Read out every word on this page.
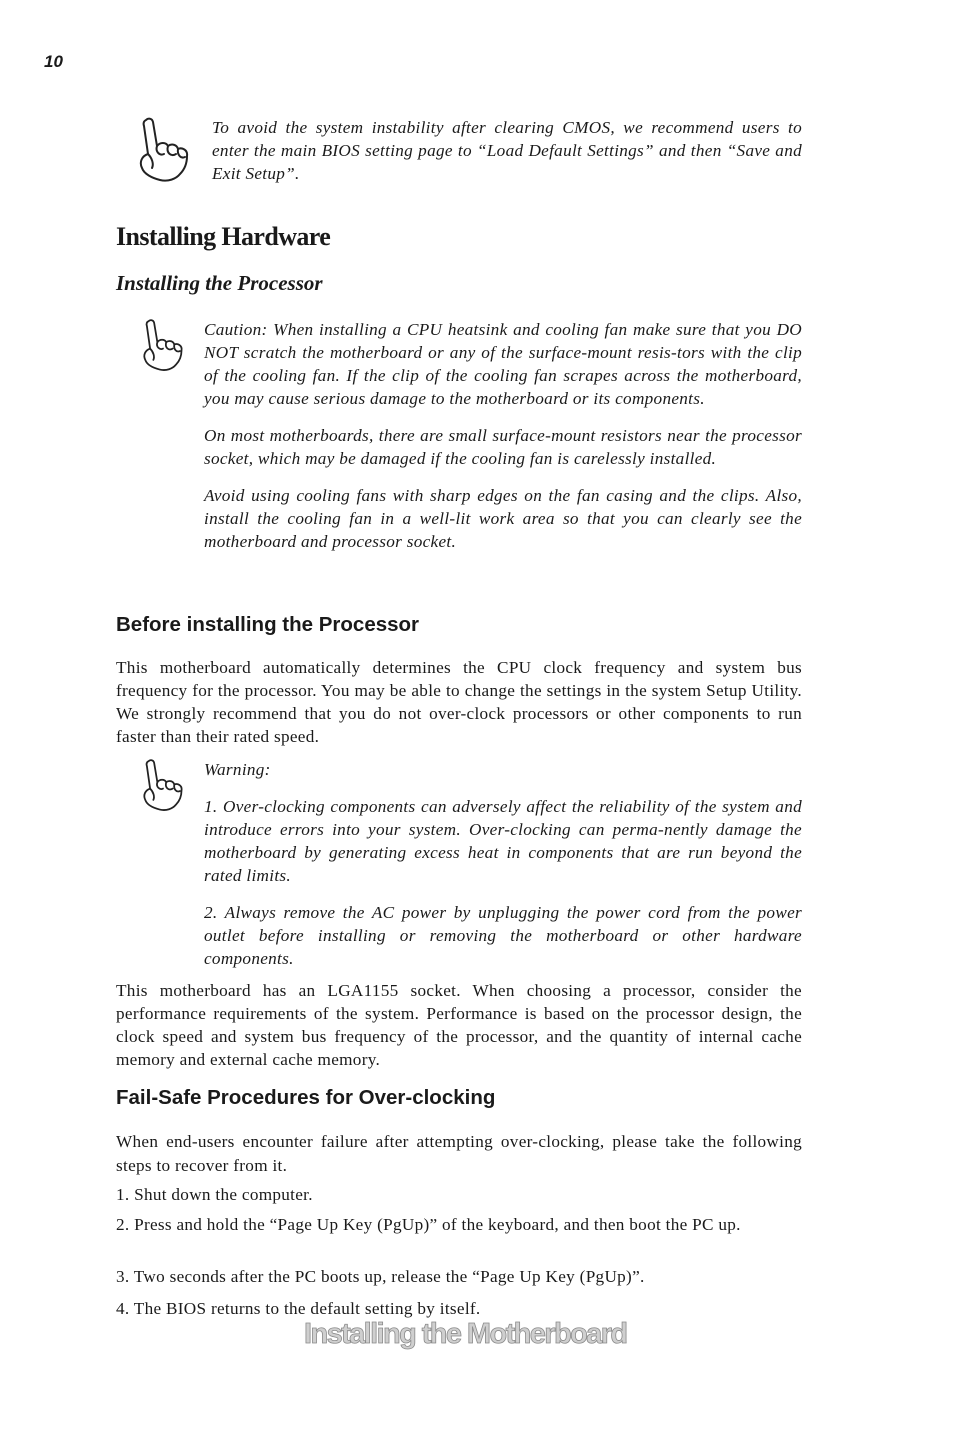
10

To avoid the system instability after clearing CMOS, we recommend users to enter the main BIOS setting page to “Load Default Settings” and then “Save and Exit Setup”.

Installing Hardware
Installing the Processor

Caution: When installing a CPU heatsink and cooling fan make sure that you DO NOT scratch the motherboard or any of the surface-mount resis-tors with the clip of the cooling fan. If the clip of the cooling fan scrapes across the motherboard, you may cause serious damage to the motherboard or its components.

On most motherboards, there are small surface-mount resistors near the processor socket, which may be damaged if the cooling fan is carelessly installed.

Avoid using cooling fans with sharp edges on the fan casing and the clips. Also, install the cooling fan in a well-lit work area so that you can clearly see the motherboard and processor socket.

Before installing the Processor

This motherboard automatically determines the CPU clock frequency and system bus frequency for the processor. You may be able to change the settings in the system Setup Utility. We strongly recommend that you do not over-clock processors or other components to run faster than their rated speed.

Warning:

1. Over-clocking components can adversely affect the reliability of the system and introduce errors into your system. Over-clocking can perma-nently damage the motherboard by generating excess heat in components that are run beyond the rated limits.

2. Always remove the AC power by unplugging the power cord from the power outlet before installing or removing the motherboard or other hardware components.

This motherboard has an LGA1155 socket. When choosing a processor, consider the performance requirements of the system. Performance is based on the processor design, the clock speed and system bus frequency of the processor, and the quantity of internal cache memory and external cache memory.

Fail-Safe Procedures for Over-clocking

When end-users encounter failure after attempting over-clocking, please take the following steps to recover from it.

1. Shut down the computer.

2. Press and hold the “Page Up Key (PgUp)” of the keyboard, and then boot the PC up.

3. Two seconds after the PC boots up, release the “Page Up Key (PgUp)”.

4. The BIOS returns to the default setting by itself.

Installing the Motherboard
